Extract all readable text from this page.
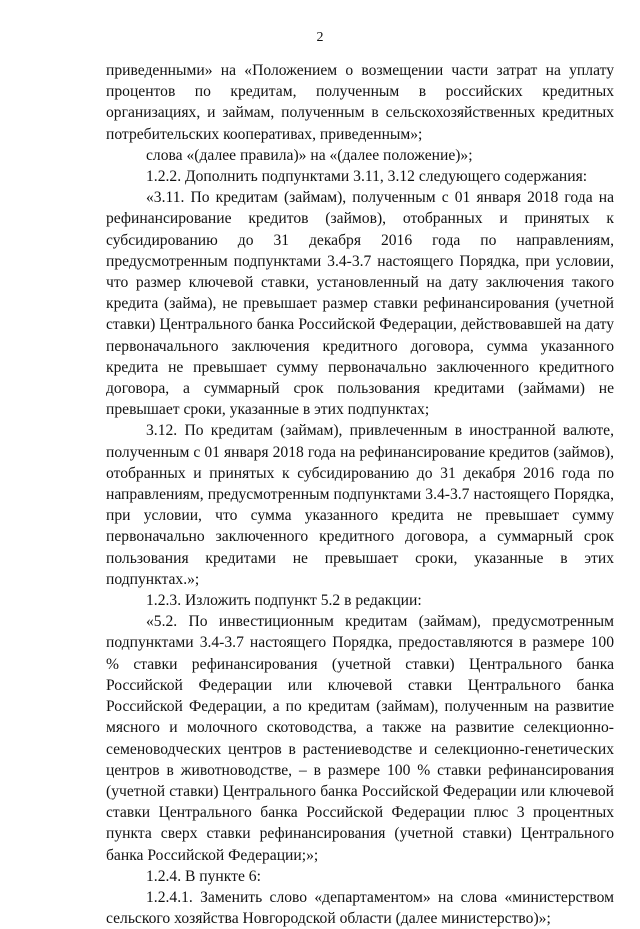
2

приведенными» на «Положением о возмещении части затрат на уплату процентов по кредитам, полученным в российских кредитных организациях, и займам, полученным в сельскохозяйственных кредитных потребительских кооперативах, приведенным»;

слова «(далее правила)» на «(далее положение)»;

1.2.2. Дополнить подпунктами 3.11, 3.12 следующего содержания:

«3.11. По кредитам (займам), полученным с 01 января 2018 года на рефинансирование кредитов (займов), отобранных и принятых к субсидированию до 31 декабря 2016 года по направлениям, предусмотренным подпунктами 3.4-3.7 настоящего Порядка, при условии, что размер ключевой ставки, установленный на дату заключения такого кредита (займа), не превышает размер ставки рефинансирования (учетной ставки) Центрального банка Российской Федерации, действовавшей на дату первоначального заключения кредитного договора, сумма указанного кредита не превышает сумму первоначально заключенного кредитного договора, а суммарный срок пользования кредитами (займами) не превышает сроки, указанные в этих подпунктах;

3.12. По кредитам (займам), привлеченным в иностранной валюте, полученным с 01 января 2018 года на рефинансирование кредитов (займов), отобранных и принятых к субсидированию до 31 декабря 2016 года по направлениям, предусмотренным подпунктами 3.4-3.7 настоящего Порядка, при условии, что сумма указанного кредита не превышает сумму первоначально заключенного кредитного договора, а суммарный срок пользования кредитами не превышает сроки, указанные в этих подпунктах.»;

1.2.3. Изложить подпункт 5.2 в редакции:

«5.2. По инвестиционным кредитам (займам), предусмотренным подпунктами 3.4-3.7 настоящего Порядка, предоставляются в размере 100 % ставки рефинансирования (учетной ставки) Центрального банка Российской Федерации или ключевой ставки Центрального банка Российской Федерации, а по кредитам (займам), полученным на развитие мясного и молочного скотоводства, а также на развитие селекционно-семеноводческих центров в растениеводстве и селекционно-генетических центров в животноводстве, – в размере 100 % ставки рефинансирования (учетной ставки) Центрального банка Российской Федерации или ключевой ставки Центрального банка Российской Федерации плюс 3 процентных пункта сверх ставки рефинансирования (учетной ставки) Центрального банка Российской Федерации;»;

1.2.4. В пункте 6:

1.2.4.1. Заменить слово «департаментом» на слова «министерством сельского хозяйства Новгородской области (далее министерство)»;
